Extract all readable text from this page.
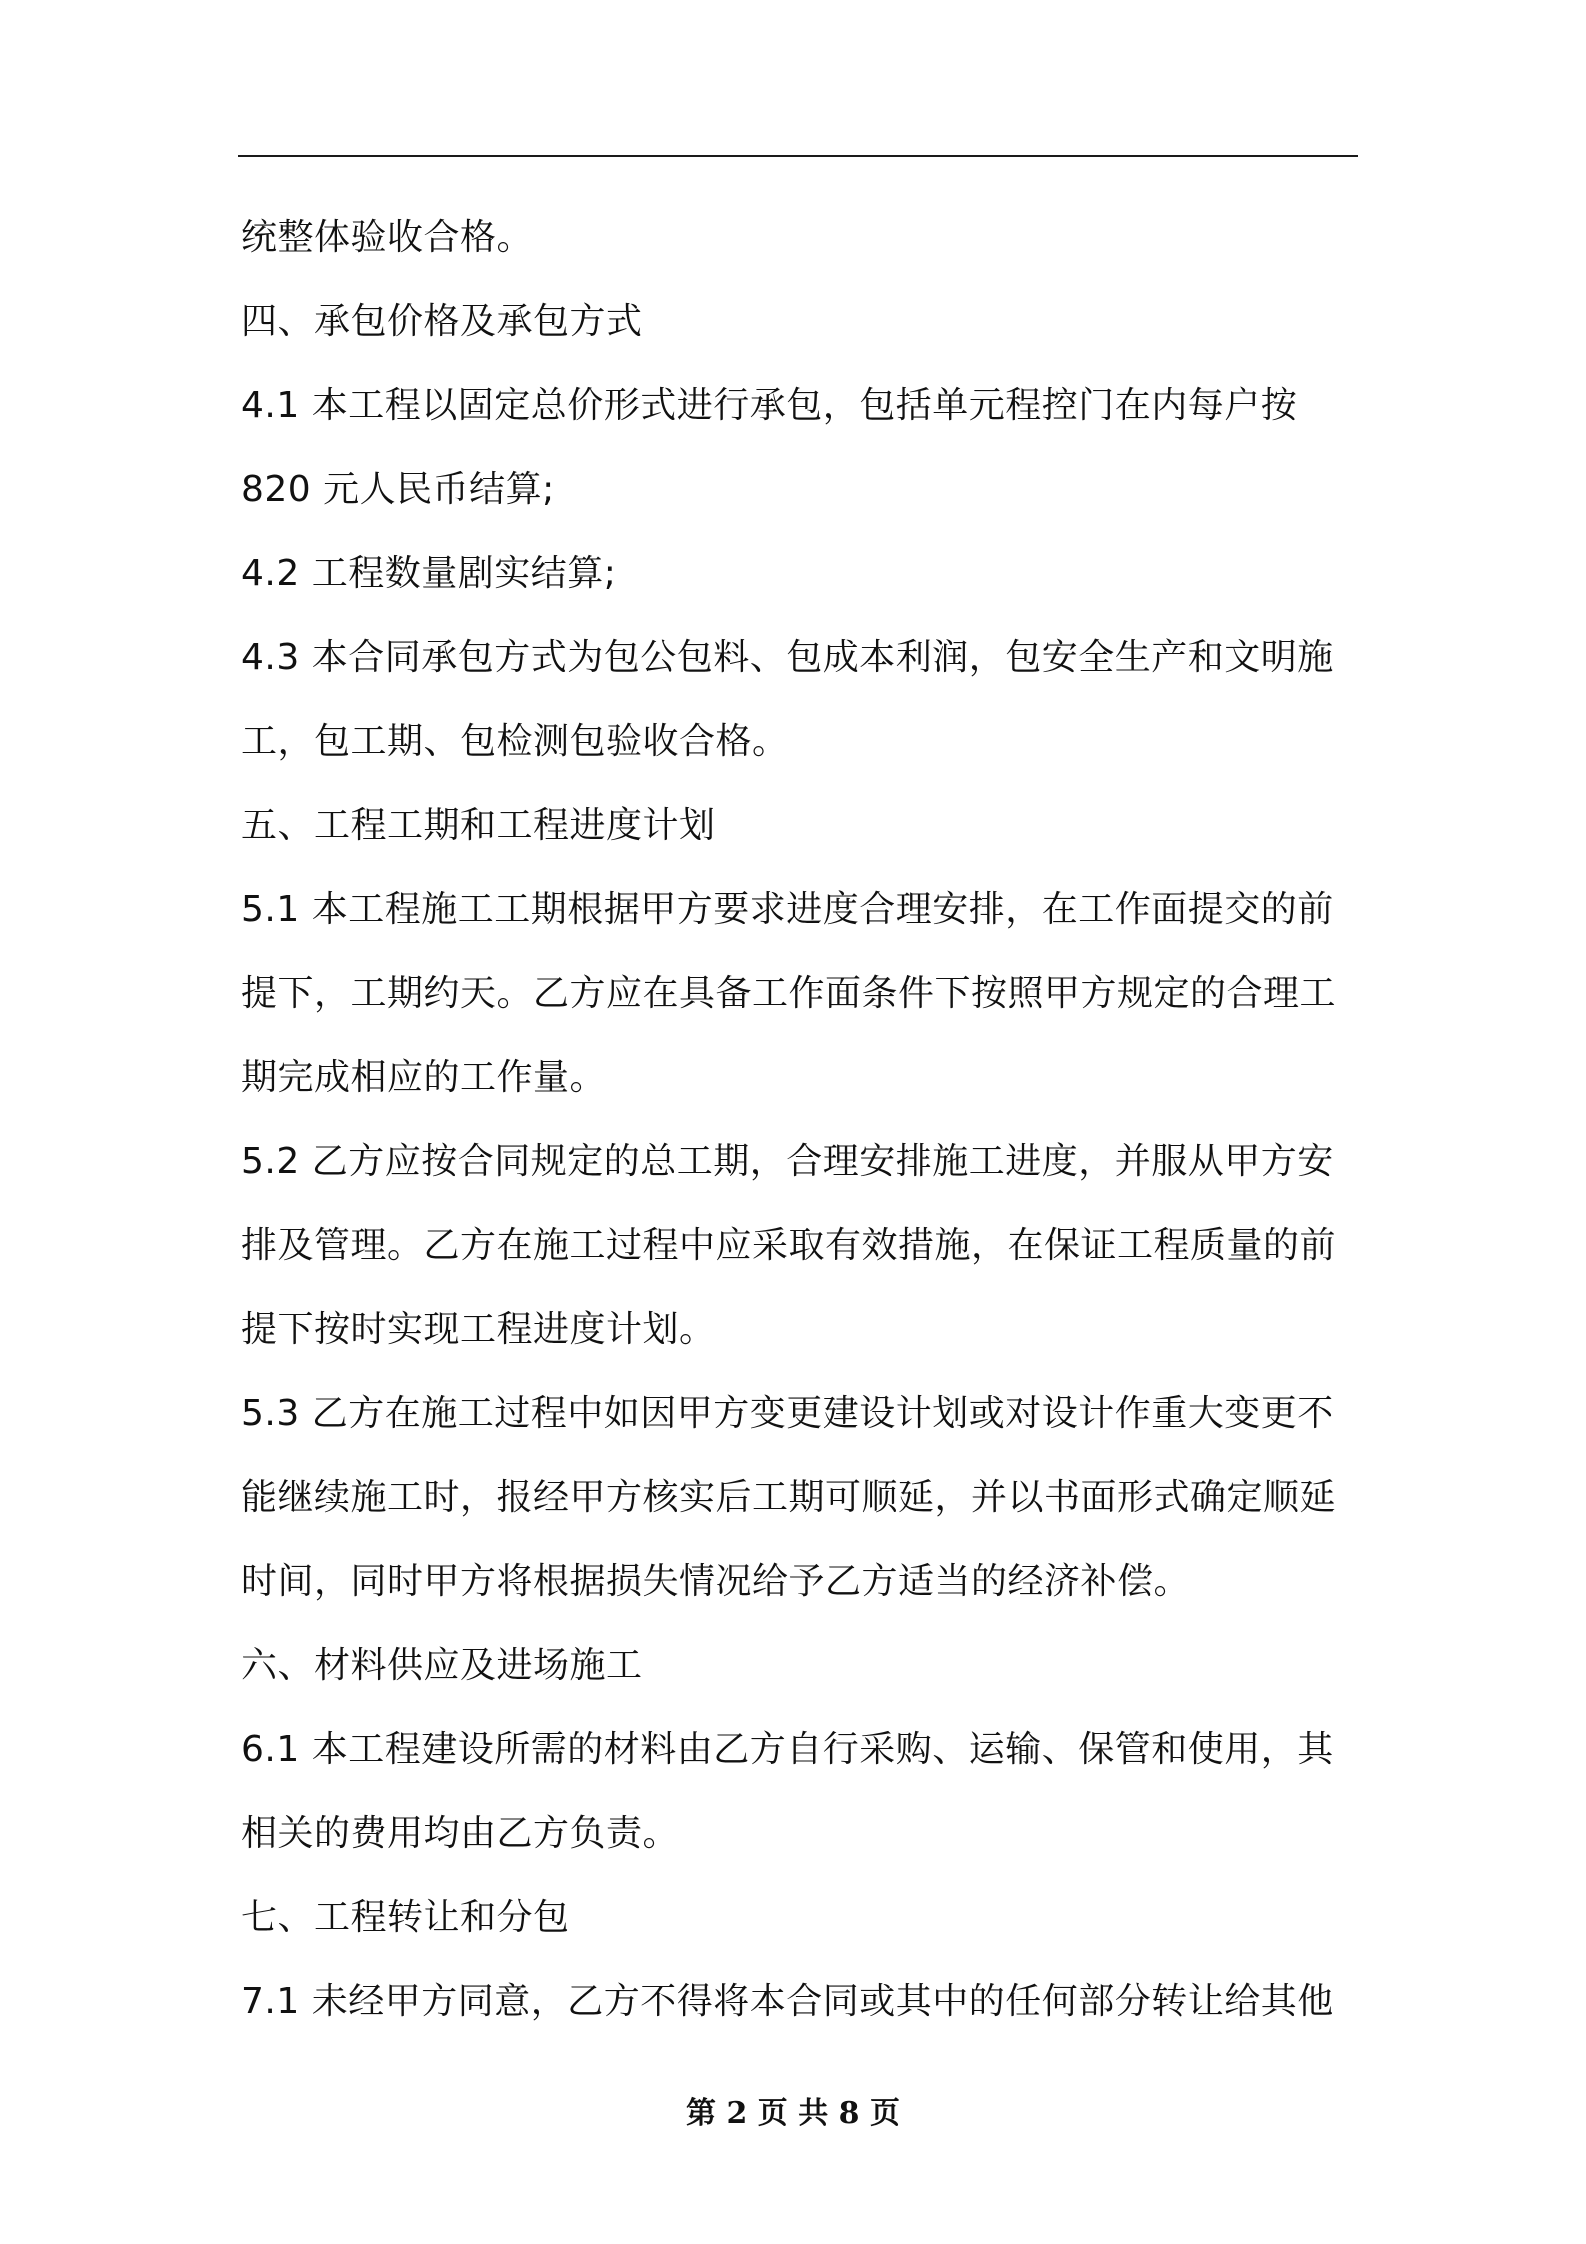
统整体验收合格。

四、承包价格及承包方式

4.1 本工程以固定总价形式进行承包，包括单元程控门在内每户按

820 元人民币结算;

4.2 工程数量剧实结算;

4.3 本合同承包方式为包公包料、包成本利润，包安全生产和文明施

工，包工期、包检测包验收合格。

五、工程工期和工程进度计划

5.1 本工程施工工期根据甲方要求进度合理安排，在工作面提交的前

提下，工期约天。乙方应在具备工作面条件下按照甲方规定的合理工

期完成相应的工作量。

5.2 乙方应按合同规定的总工期，合理安排施工进度，并服从甲方安

排及管理。乙方在施工过程中应采取有效措施，在保证工程质量的前

提下按时实现工程进度计划。

5.3 乙方在施工过程中如因甲方变更建设计划或对设计作重大变更不

能继续施工时，报经甲方核实后工期可顺延，并以书面形式确定顺延

时间，同时甲方将根据损失情况给予乙方适当的经济补偿。

六、材料供应及进场施工

6.1 本工程建设所需的材料由乙方自行采购、运输、保管和使用，其

相关的费用均由乙方负责。

七、工程转让和分包

7.1 未经甲方同意，乙方不得将本合同或其中的任何部分转让给其他

第 2 页 共 8 页
